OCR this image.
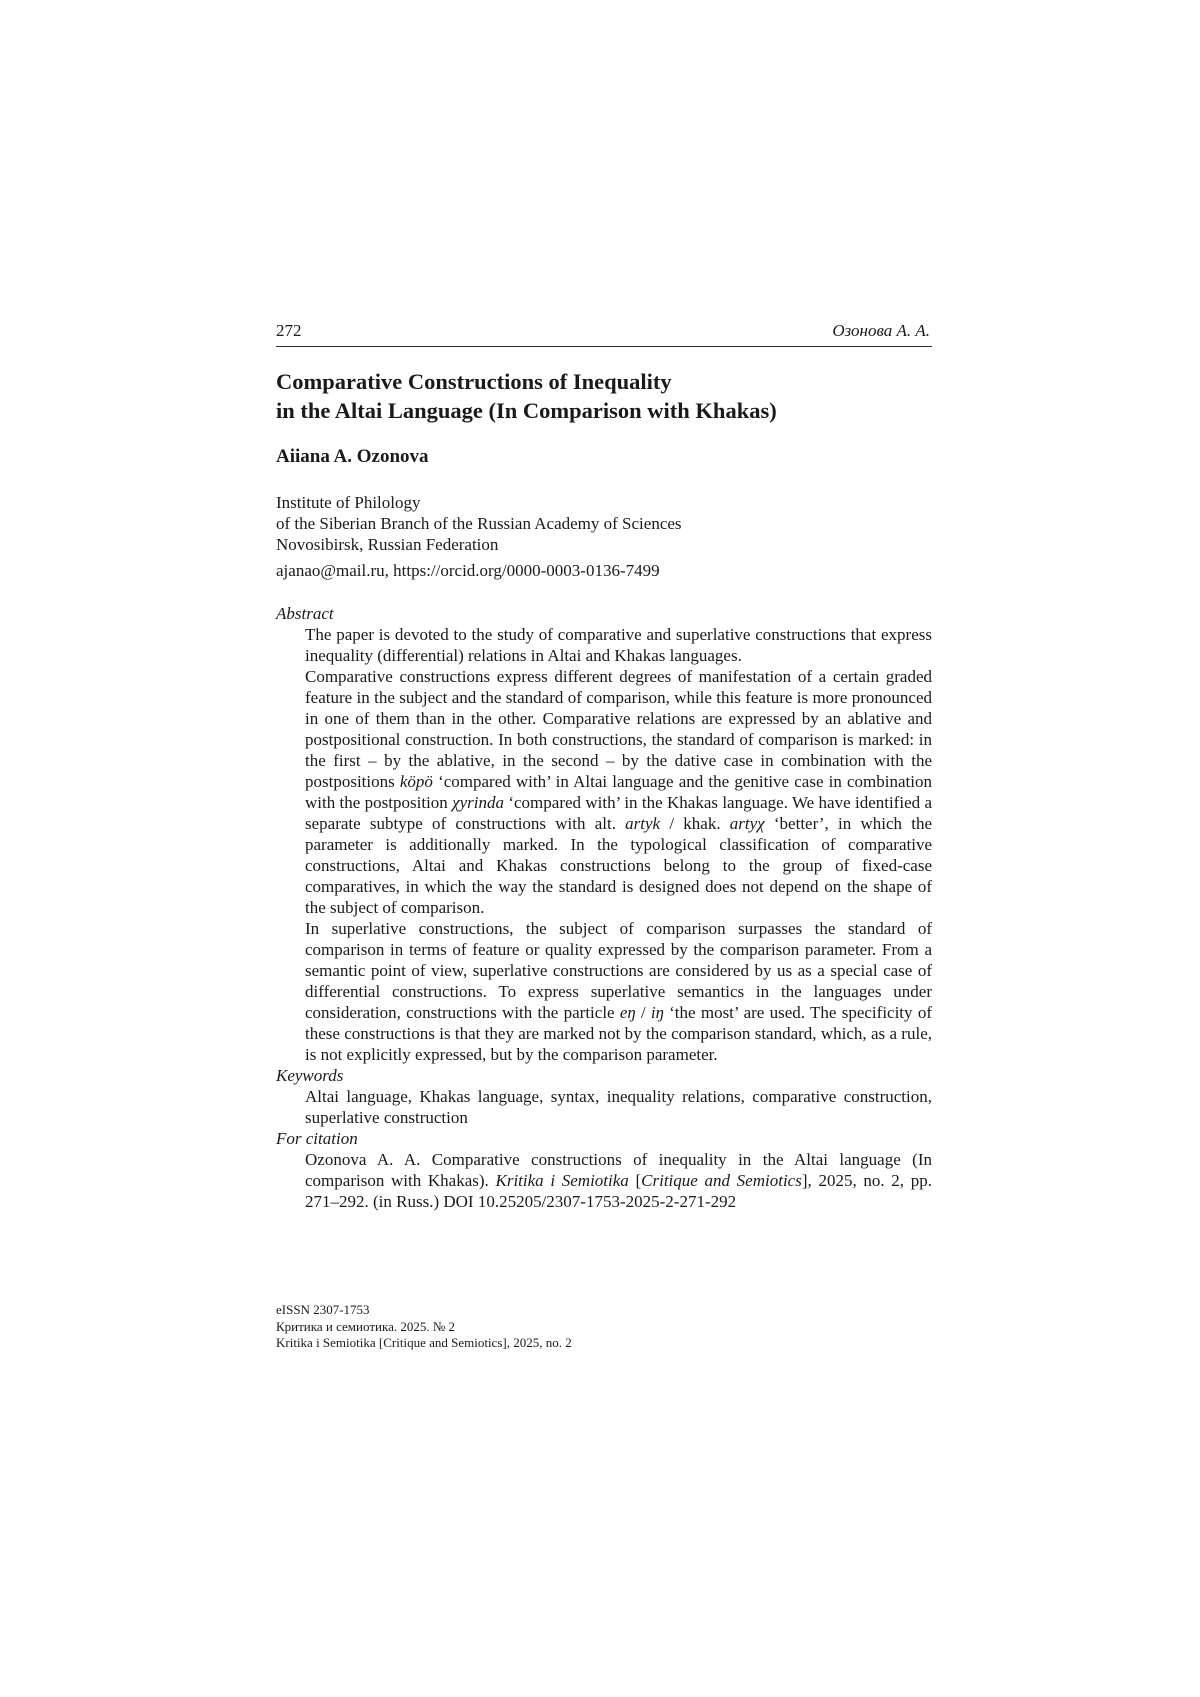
272	Озонова А. А.
Comparative Constructions of Inequality
in the Altai Language (In Comparison with Khakas)
Aiiana A. Ozonova
Institute of Philology
of the Siberian Branch of the Russian Academy of Sciences
Novosibirsk, Russian Federation
ajanao@mail.ru, https://orcid.org/0000-0003-0136-7499
Abstract

The paper is devoted to the study of comparative and superlative constructions that express inequality (differential) relations in Altai and Khakas languages.

Comparative constructions express different degrees of manifestation of a certain graded feature in the subject and the standard of comparison, while this feature is more pronounced in one of them than in the other. Comparative relations are expressed by an ablative and postpositional construction. In both constructions, the standard of comparison is marked: in the first – by the ablative, in the second – by the dative case in combination with the postpositions köpö ‘compared with’ in Altai language and the genitive case in combination with the postposition χyrinda ‘compared with’ in the Khakas language. We have identified a separate subtype of constructions with alt. artyk / khak. artyχ ‘better’, in which the parameter is additionally marked. In the typological classification of comparative constructions, Altai and Khakas constructions belong to the group of fixed-case comparatives, in which the way the standard is designed does not depend on the shape of the subject of comparison.

In superlative constructions, the subject of comparison surpasses the standard of comparison in terms of feature or quality expressed by the comparison parameter. From a semantic point of view, superlative constructions are considered by us as a special case of differential constructions. To express superlative semantics in the languages under consideration, constructions with the particle eŋ / iŋ ‘the most’ are used. The specificity of these constructions is that they are marked not by the comparison standard, which, as a rule, is not explicitly expressed, but by the comparison parameter.

Keywords
Altai language, Khakas language, syntax, inequality relations, comparative construction, superlative construction
For citation
Ozonova A. A. Comparative constructions of inequality in the Altai language (In comparison with Khakas). Kritika i Semiotika [Critique and Semiotics], 2025, no. 2, pp. 271–292. (in Russ.) DOI 10.25205/2307-1753-2025-2-271-292
eISSN 2307-1753
Критика и семиотика. 2025. № 2
Kritika i Semiotika [Critique and Semiotics], 2025, no. 2
